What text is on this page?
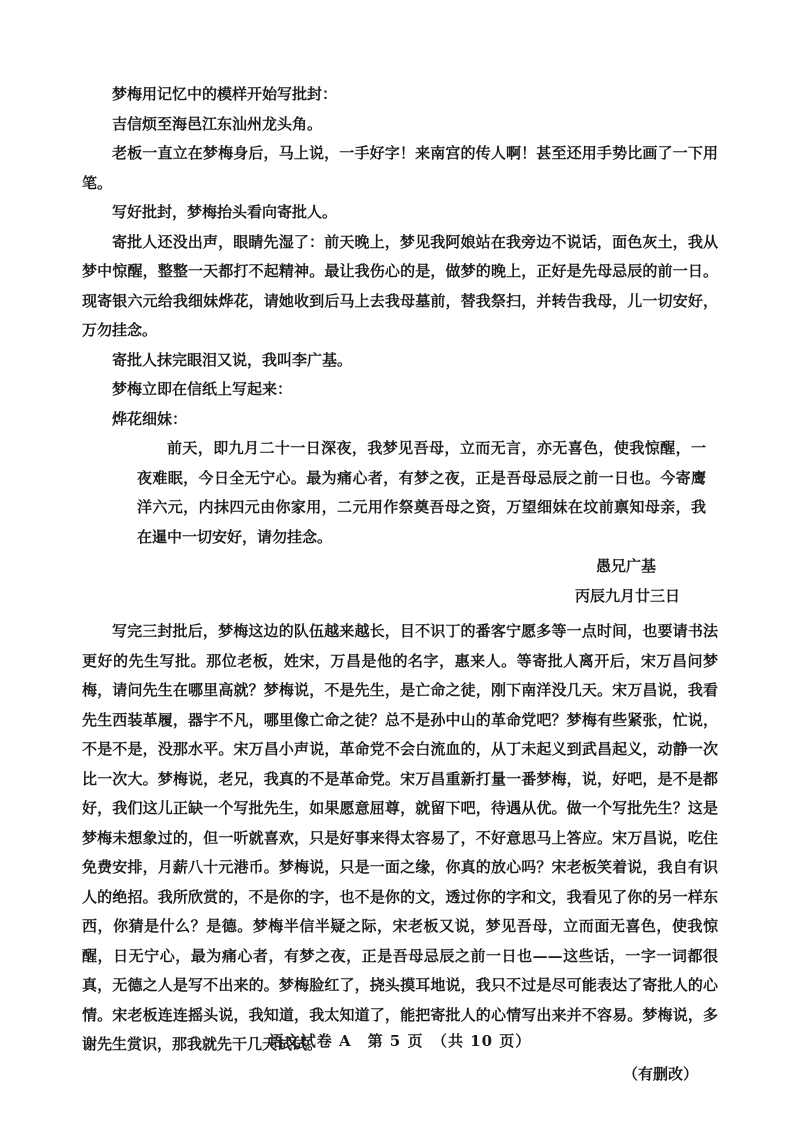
梦梅用记忆中的模样开始写批封：

吉信烦至海邑江东汕州龙头角。

老板一直立在梦梅身后，马上说，一手好字！来南宫的传人啊！甚至还用手势比画了一下用笔。

写好批封，梦梅抬头看向寄批人。

寄批人还没出声，眼睛先湿了：前天晚上，梦见我阿娘站在我旁边不说话，面色灰土，我从梦中惊醒，整整一天都打不起精神。最让我伤心的是，做梦的晚上，正好是先母忌辰的前一日。现寄银六元给我细妹烨花，请她收到后马上去我母墓前，替我祭扫，并转告我母，儿一切安好，万勿挂念。

寄批人抹完眼泪又说，我叫李广基。

梦梅立即在信纸上写起来：

烨花细妹：

前天，即九月二十一日深夜，我梦见吾母，立而无言，亦无喜色，使我惊醒，一夜难眠，今日全无宁心。最为痛心者，有梦之夜，正是吾母忌辰之前一日也。今寄鹰洋六元，内抹四元由你家用，二元用作祭奠吾母之资，万望细妹在坟前禀知母亲，我在暹中一切安好，请勿挂念。

愚兄广基

丙辰九月廿三日

写完三封批后，梦梅这边的队伍越来越长，目不识丁的番客宁愿多等一点时间，也要请书法更好的先生写批。那位老板，姓宋，万昌是他的名字，惠来人。等寄批人离开后，宋万昌问梦梅，请问先生在哪里高就？梦梅说，不是先生，是亡命之徒，刚下南洋没几天。宋万昌说，我看先生西装革履，器宇不凡，哪里像亡命之徒？总不是孙中山的革命党吧？梦梅有些紧张，忙说，不是不是，没那水平。宋万昌小声说，革命党不会白流血的，从丁未起义到武昌起义，动静一次比一次大。梦梅说，老兄，我真的不是革命党。宋万昌重新打量一番梦梅，说，好吧，是不是都好，我们这儿正缺一个写批先生，如果愿意屈尊，就留下吧，待遇从优。做一个写批先生？这是梦梅未想象过的，但一听就喜欢，只是好事来得太容易了，不好意思马上答应。宋万昌说，吃住免费安排，月薪八十元港币。梦梅说，只是一面之缘，你真的放心吗？宋老板笑着说，我自有识人的绝招。我所欣赏的，不是你的字，也不是你的文，透过你的字和文，我看见了你的另一样东西，你猜是什么？是德。梦梅半信半疑之际，宋老板又说，梦见吾母，立而面无喜色，使我惊醒，日无宁心，最为痛心者，有梦之夜，正是吾母忌辰之前一日也——这些话，一字一词都很真，无德之人是写不出来的。梦梅脸红了，挠头摸耳地说，我只不过是尽可能表达了寄批人的心情。宋老板连连摇头说，我知道，我太知道了，能把寄批人的心情写出来并不容易。梦梅说，多谢先生赏识，那我就先干几天试试。

（有删改）

语文试卷 A　第 5 页　（共 10 页）
